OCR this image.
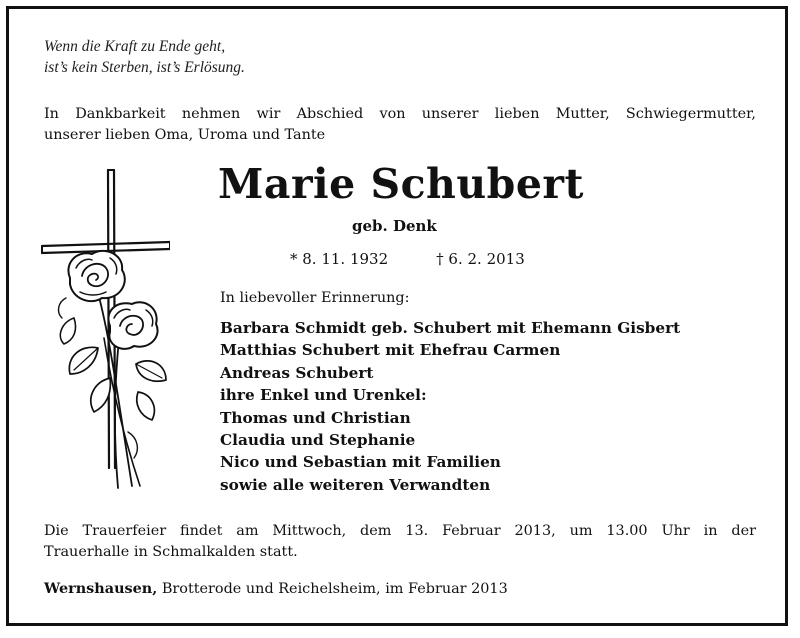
Wenn die Kraft zu Ende geht,
ist’s kein Sterben, ist’s Erlösung.
In Dankbarkeit nehmen wir Abschied von unserer lieben Mutter, Schwiegermutter,
unserer lieben Oma, Uroma und Tante
Marie Schubert
geb. Denk
* 8. 11. 1932	† 6. 2. 2013
In liebevoller Erinnerung:
Barbara Schmidt geb. Schubert mit Ehemann Gisbert
Matthias Schubert mit Ehefrau Carmen
Andreas Schubert
ihre Enkel und Urenkel:
Thomas und Christian
Claudia und Stephanie
Nico und Sebastian mit Familien
sowie alle weiteren Verwandten
Die Trauerfeier findet am Mittwoch, dem 13. Februar 2013, um 13.00 Uhr in der
Trauerhalle in Schmalkalden statt.
Wernshausen, Brotterode und Reichelsheim, im Februar 2013
